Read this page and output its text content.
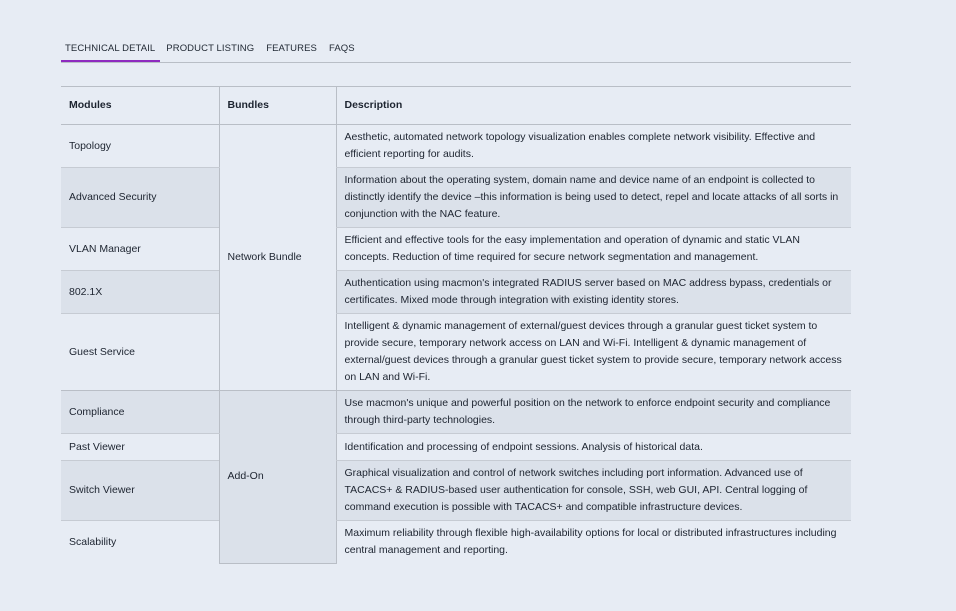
TECHNICAL DETAIL	PRODUCT LISTING	FEATURES	FAQS
Modules	Bundles	Description
Topology	Network Bundle	Aesthetic, automated network topology visualization enables complete network visibility. Effective and efficient reporting for audits.
Advanced Security		Information about the operating system, domain name and device name of an endpoint is collected to distinctly identify the device –this information is being used to detect, repel and locate attacks of all sorts in conjunction with the NAC feature.
VLAN Manager		Efficient and effective tools for the easy implementation and operation of dynamic and static VLAN concepts. Reduction of time required for secure network segmentation and management.
802.1X		Authentication using macmon's integrated RADIUS server based on MAC address bypass, credentials or certificates. Mixed mode through integration with existing identity stores.
Guest Service		Intelligent & dynamic management of external/guest devices through a granular guest ticket system to provide secure, temporary network access on LAN and Wi-Fi. Intelligent & dynamic management of external/guest devices through a granular guest ticket system to provide secure, temporary network access on LAN and Wi-Fi.
Compliance	Add-On	Use macmon's unique and powerful position on the network to enforce endpoint security and compliance through third-party technologies.
Past Viewer		Identification and processing of endpoint sessions. Analysis of historical data.
Switch Viewer		Graphical visualization and control of network switches including port information. Advanced use of TACACS+ & RADIUS-based user authentication for console, SSH, web GUI, API. Central logging of command execution is possible with TACACS+ and compatible infrastructure devices.
Scalability		Maximum reliability through flexible high-availability options for local or distributed infrastructures including central management and reporting.
